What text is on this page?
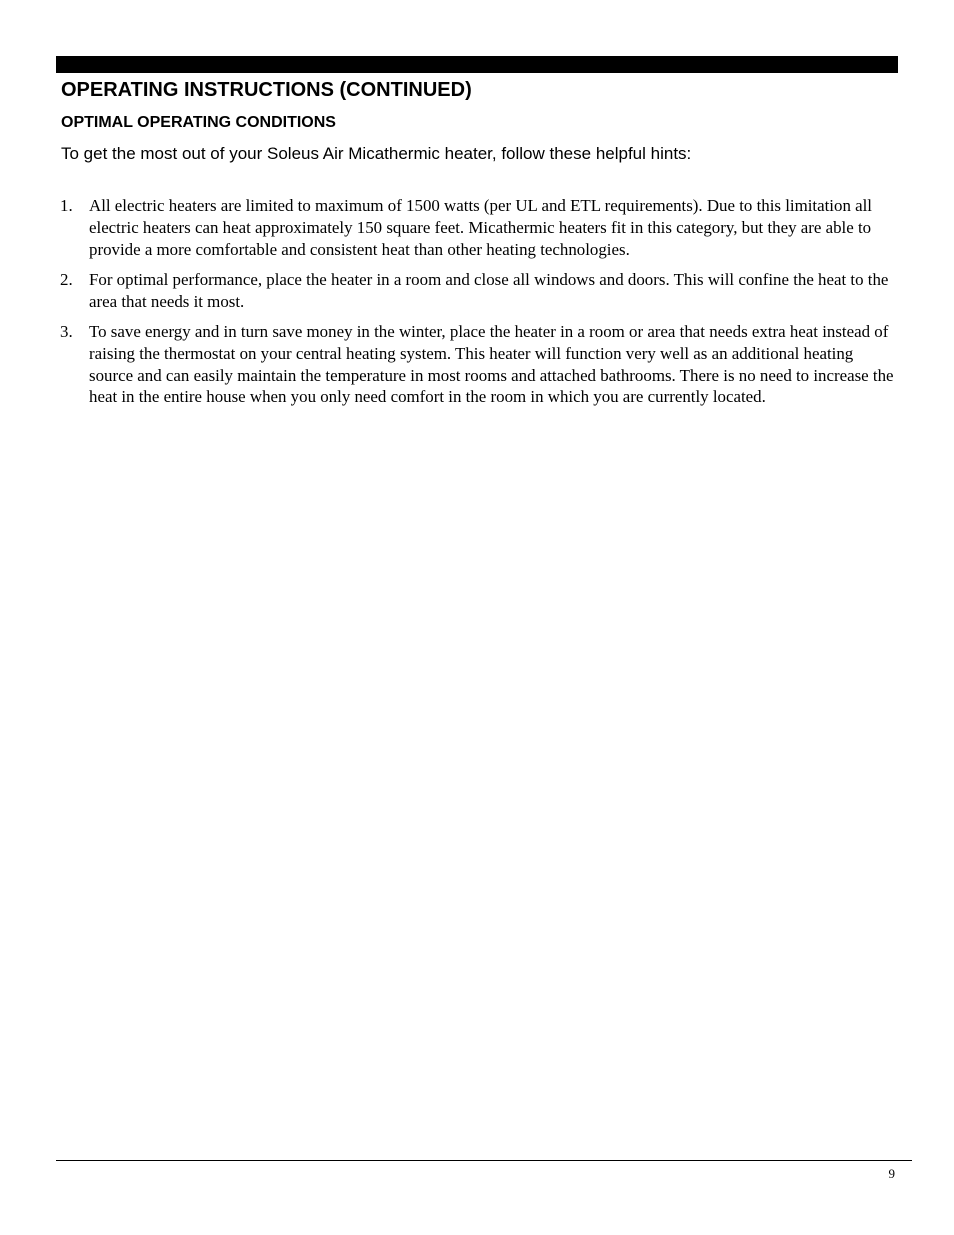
OPERATING INSTRUCTIONS (CONTINUED)
OPTIMAL OPERATING CONDITIONS

To get the most out of your Soleus Air Micathermic heater, follow these helpful hints:

1. All electric heaters are limited to maximum of 1500 watts (per UL and ETL requirements). Due to this limitation all electric heaters can heat approximately 150 square feet. Micathermic heaters fit in this category, but they are able to provide a more comfortable and consistent heat than other heating technologies.
2. For optimal performance, place the heater in a room and close all windows and doors. This will confine the heat to the area that needs it most.
3. To save energy and in turn save money in the winter, place the heater in a room or area that needs extra heat instead of raising the thermostat on your central heating system. This heater will function very well as an additional heating source and can easily maintain the temperature in most rooms and attached bathrooms. There is no need to increase the heat in the entire house when you only need comfort in the room in which you are currently located.
9
